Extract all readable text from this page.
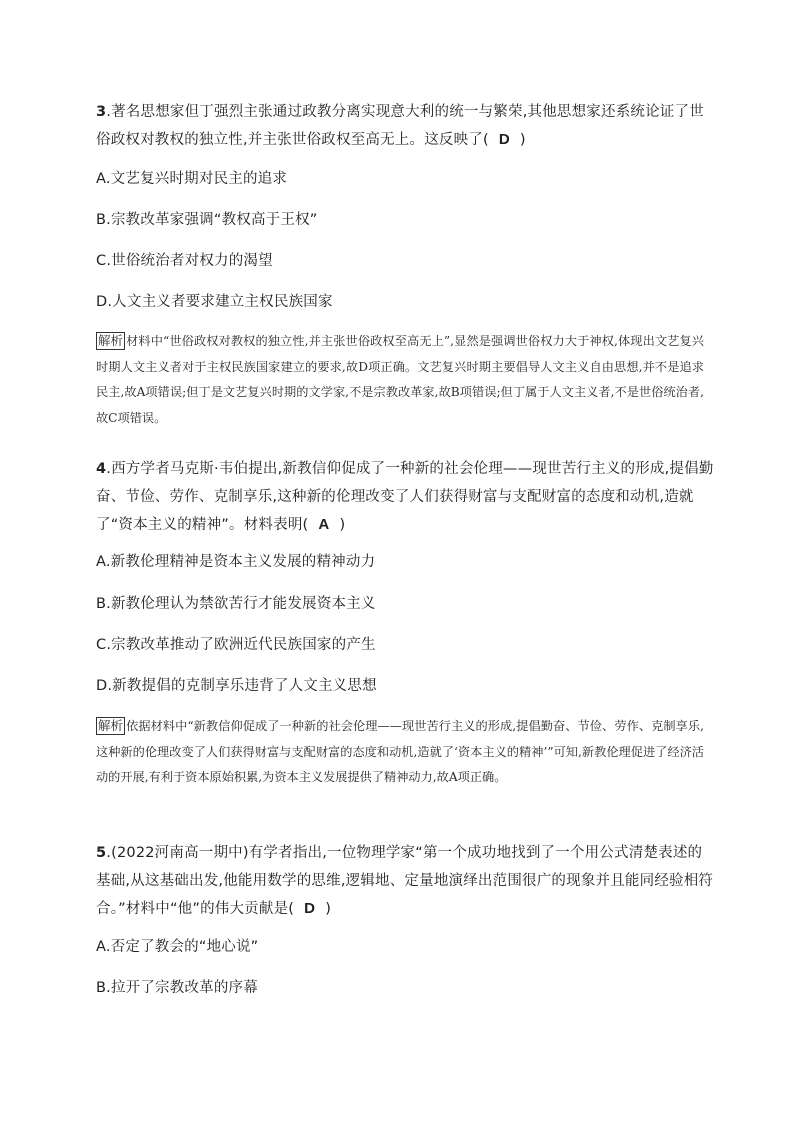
3.著名思想家但丁强烈主张通过政教分离实现意大利的统一与繁荣,其他思想家还系统论证了世俗政权对教权的独立性,并主张世俗政权至高无上。这反映了( D )
A.文艺复兴时期对民主的追求
B.宗教改革家强调“教权高于王权”
C.世俗统治者对权力的渴望
D.人文主义者要求建立主权民族国家
解析 材料中“世俗政权对教权的独立性,并主张世俗政权至高无上”,显然是强调世俗权力大于神权,体现出文艺复兴时期人文主义者对于主权民族国家建立的要求,故D项正确。文艺复兴时期主要倡导人文主义自由思想,并不是追求民主,故A项错误;但丁是文艺复兴时期的文学家,不是宗教改革家,故B项错误;但丁属于人文主义者,不是世俗统治者,故C项错误。
4.西方学者马克斯·韦伯提出,新教信仰促成了一种新的社会伦理——现世苦行主义的形成,提倡勤奋、节俭、劳作、克制享乐,这种新的伦理改变了人们获得财富与支配财富的态度和动机,造就了“资本主义的精神”。材料表明( A )
A.新教伦理精神是资本主义发展的精神动力
B.新教伦理认为禁欲苦行才能发展资本主义
C.宗教改革推动了欧洲近代民族国家的产生
D.新教提倡的克制享乐违背了人文主义思想
解析 依据材料中“新教信仰促成了一种新的社会伦理——现世苦行主义的形成,提倡勤奋、节俭、劳作、克制享乐,这种新的伦理改变了人们获得财富与支配财富的态度和动机,造就了‘资本主义的精神’”可知,新教伦理促进了经济活动的开展,有利于资本原始积累,为资本主义发展提供了精神动力,故A项正确。
5.(2022河南高一期中)有学者指出,一位物理学家“第一个成功地找到了一个用公式清楚表述的基础,从这基础出发,他能用数学的思维,逻辑地、定量地演绎出范围很广的现象并且能同经验相符合。”材料中“他”的伟大贡献是( D )
A.否定了教会的“地心说”
B.拉开了宗教改革的序幕
